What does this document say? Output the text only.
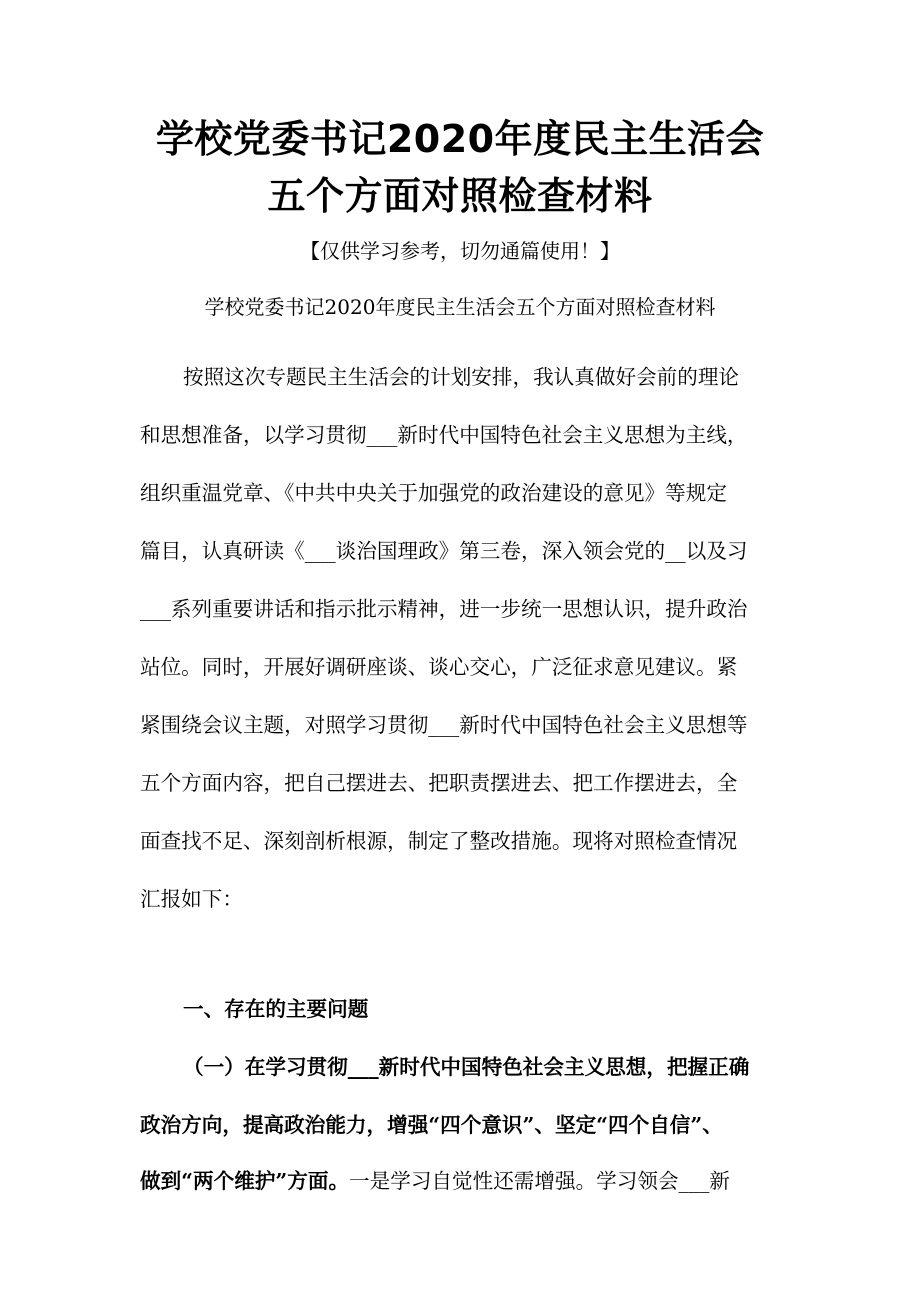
学校党委书记2020年度民主生活会
五个方面对照检查材料
【仅供学习参考，切勿通篇使用！】
学校党委书记2020年度民主生活会五个方面对照检查材料
按照这次专题民主生活会的计划安排，我认真做好会前的理论
和思想准备，以学习贯彻___新时代中国特色社会主义思想为主线，
组织重温党章、《中共中央关于加强党的政治建设的意见》等规定
篇目，认真研读《___谈治国理政》第三卷，深入领会党的__以及习
___系列重要讲话和指示批示精神，进一步统一思想认识，提升政治
站位。同时，开展好调研座谈、谈心交心，广泛征求意见建议。紧
紧围绕会议主题，对照学习贯彻___新时代中国特色社会主义思想等
五个方面内容，把自己摆进去、把职责摆进去、把工作摆进去，全
面查找不足、深刻剖析根源，制定了整改措施。现将对照检查情况
汇报如下：
一、存在的主要问题
（一）在学习贯彻___新时代中国特色社会主义思想，把握正确
政治方向，提高政治能力，增强“四个意识”、坚定“四个自信”、
做到“两个维护”方面。一是学习自觉性还需增强。学习领会___新
